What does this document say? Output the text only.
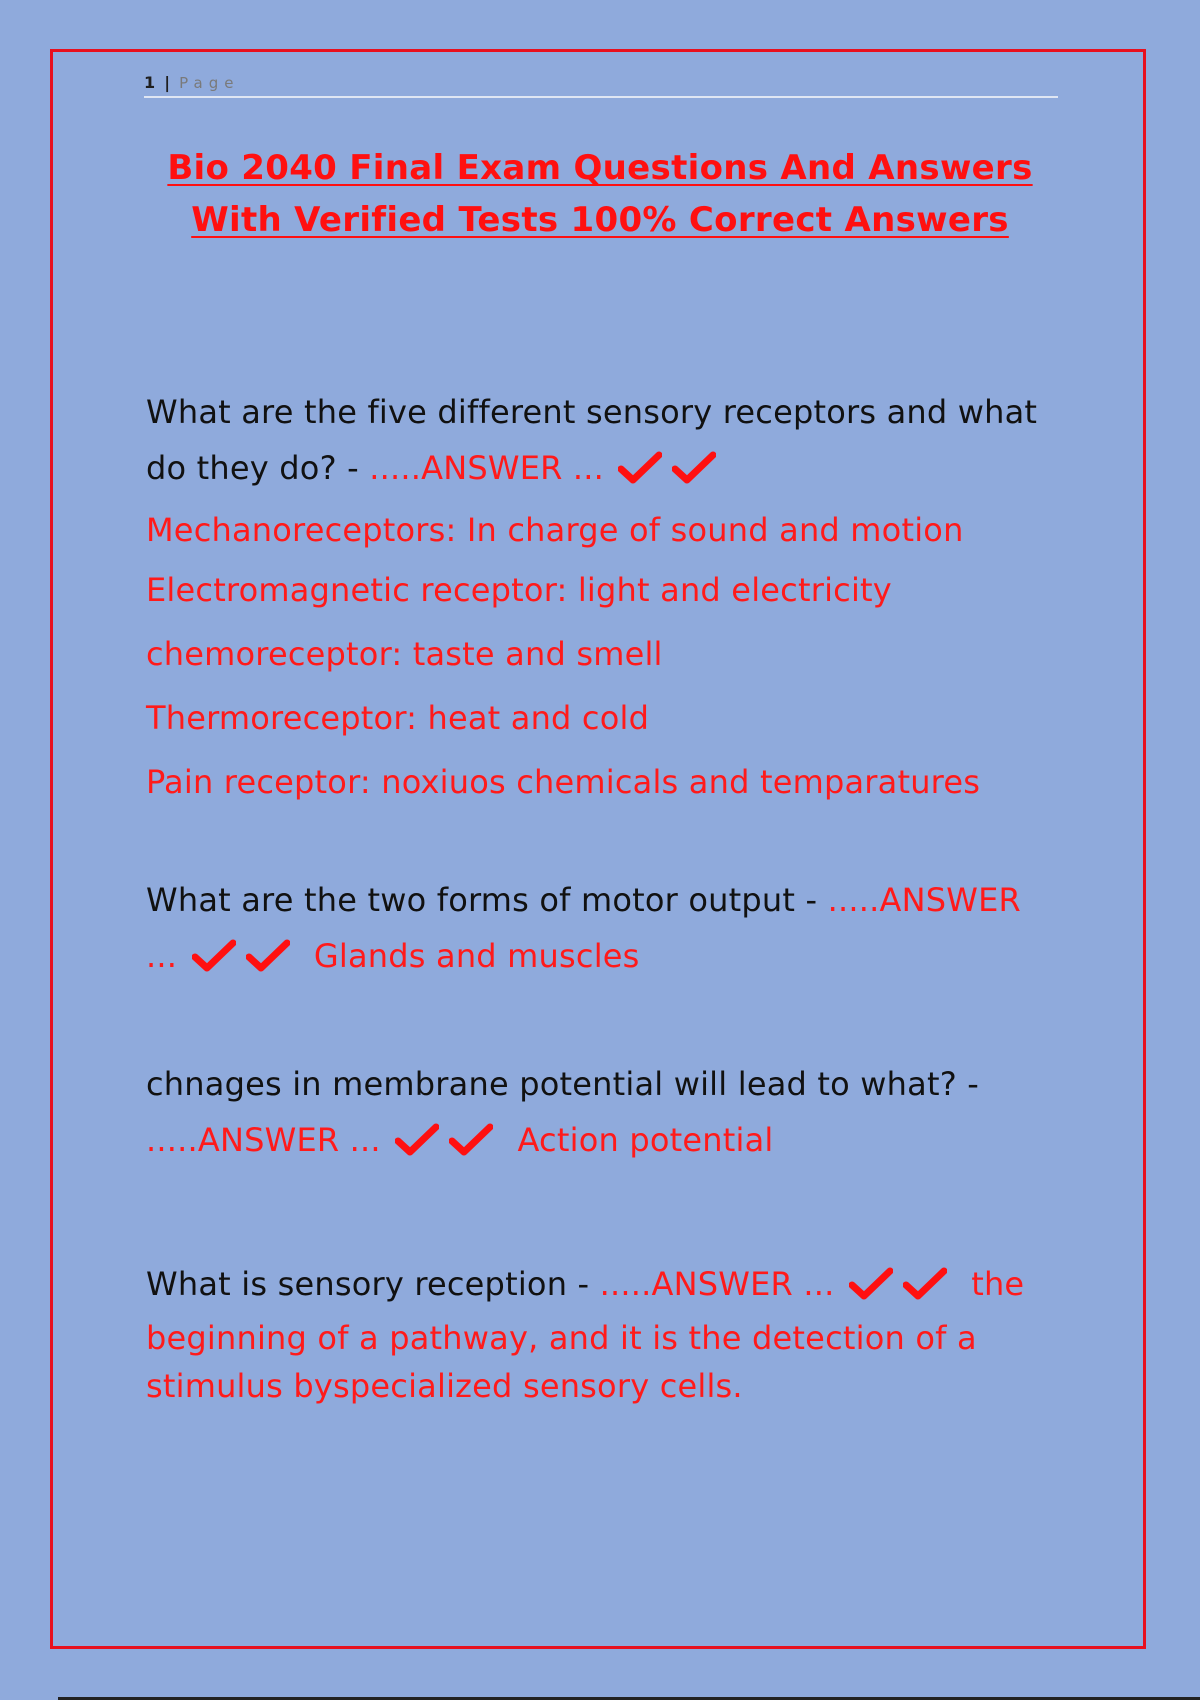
1 | Page
Bio 2040 Final Exam Questions And Answers
With Verified Tests 100% Correct Answers
What are the five different sensory receptors and what do they do? - .....ANSWER ...  Mechanoreceptors: In charge of sound and motion
Electromagnetic receptor: light and electricity
chemoreceptor: taste and smell
Thermoreceptor: heat and cold
Pain receptor: noxiuos chemicals and temparatures
What are the two forms of motor output - .....ANSWER ...	Glands and muscles
chnages in membrane potential will lead to what? - .....ANSWER ...	Action potential
What is sensory reception - .....ANSWER ...	the beginning of a pathway, and it is the detection of a stimulus byspecialized sensory cells.
